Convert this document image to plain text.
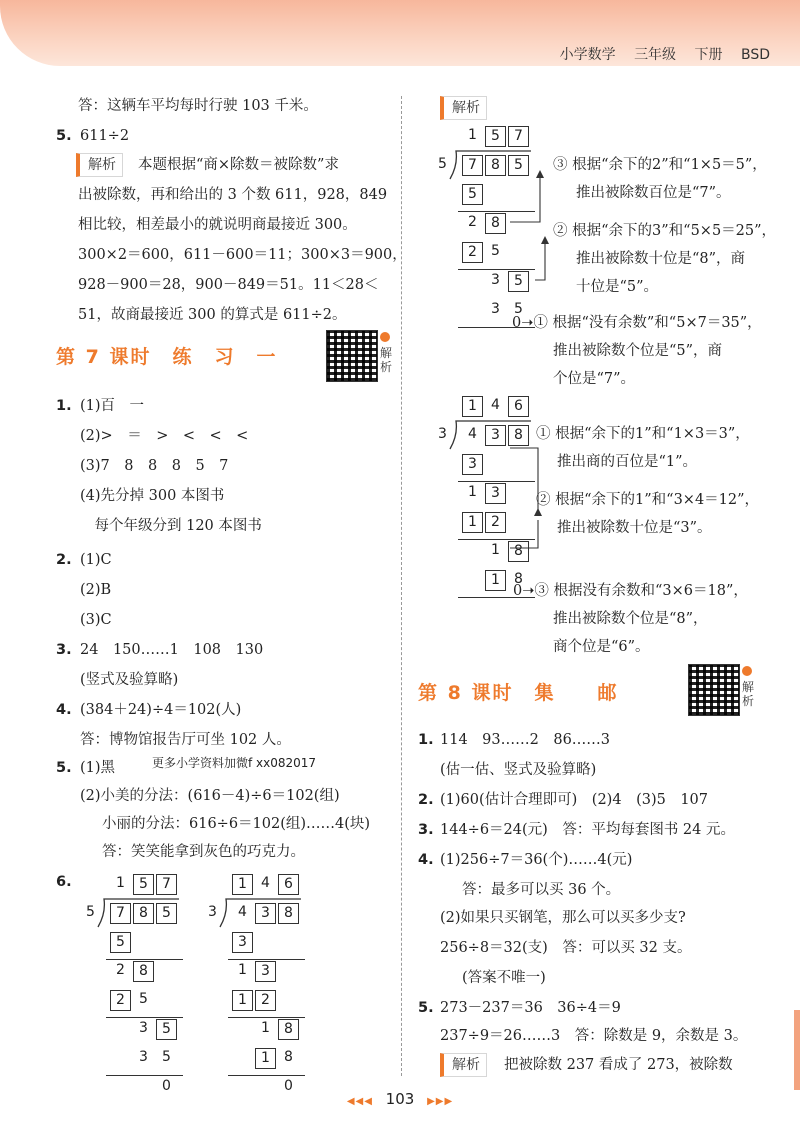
小学数学 三年级 下册 BSD
答：这辆车平均每时行驶 103 千米。
5. 611÷2
解析	本题根据“商×除数＝被除数”求
出被除数，再和给出的 3 个数 611，928，849
相比较，相差最小的就说明商最接近 300。
300×2＝600，611－600＝11；300×3＝900，
928－900＝28，900－849＝51。11＜28＜
51，故商最接近 300 的算式是 611÷2。
第 7 课时　练　习　一	解析
1. (1)百　一
(2)>　＝　>　<　<　<
(3)7　8　8　8　5　7
(4)先分掉 300 本图书
　每个年级分到 120 本图书
2. (1)C
(2)B
(3)C
3. 24　150……1　108　130
(竖式及验算略)
4. (384＋24)÷4＝102(人)
答：博物馆报告厅可坐 102 人。
5. (1)黑
(2)小美的分法：(616－4)÷6＝102(组)
小丽的分法：616÷6＝102(组)……4(块)
答：笑笑能拿到灰色的巧克力。
更多小学资料加微f xx082017
6.	1	5	7
5	7	8	5
5
2	8
2	5
3	5
3 5
0
1	4	6
3 4	3	8
3
1	3
1	2
1	8
1	8
0
解析
1	5	7
5	7	8	5
5
2	8
2	5
3	5
3 5
1	4	6
3 4	3	8
3
1	3
1	2
1	8
1	8
③ 根据“余下的2”和“1×5＝5”，
推出被除数百位是“7”。
② 根据“余下的3”和“5×5＝25”，
推出被除数十位是“8”，商
十位是“5”。
0➝① 根据“没有余数”和“5×7＝35”，
推出被除数个位是“5”，商
个位是“7”。
① 根据“余下的1”和“1×3＝3”，
推出商的百位是“1”。
② 根据“余下的1”和“3×4＝12”，
推出被除数十位是“3”。
0➝③ 根据没有余数和“3×6＝18”，
推出被除数个位是“8”，
商个位是“6”。
第 8 课时　集　　邮	解析
1. 114　93……2　86……3
(估一估、竖式及验算略)
2. (1)60(估计合理即可)　(2)4　(3)5　107
3. 144÷6＝24(元)　答：平均每套图书 24 元。
4. (1)256÷7＝36(个)……4(元)
答：最多可以买 36 个。
(2)如果只买钢笔，那么可以买多少支?
256÷8＝32(支)　答：可以买 32 支。
(答案不唯一)
5. 273－237＝36　36÷4＝9
237÷9＝26……3　答：除数是 9，余数是 3。
解析	把被除数 237 看成了 273，被除数
◀◀◀ 103 ▶▶▶
